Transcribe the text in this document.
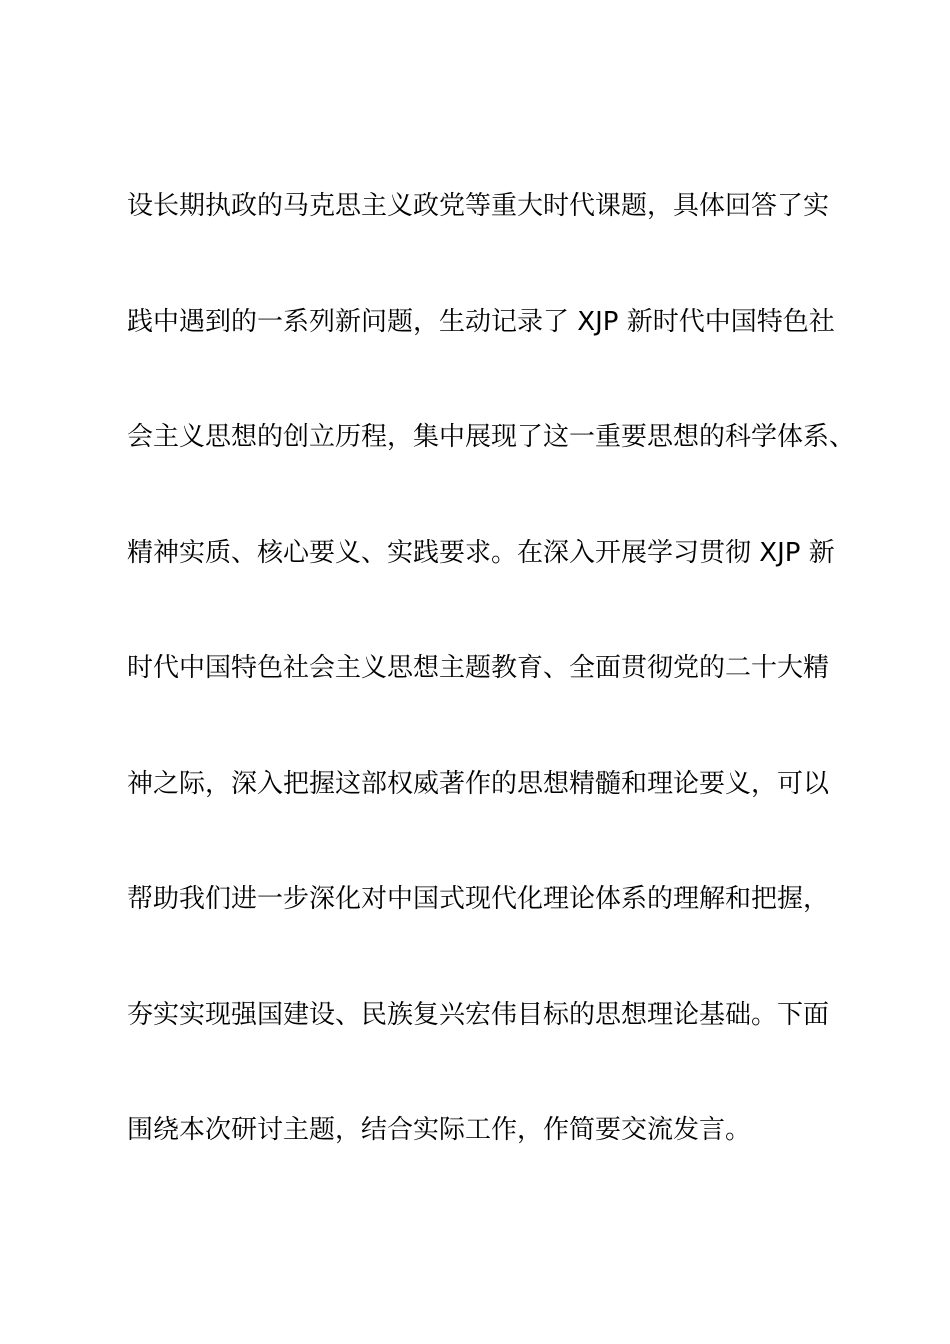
设长期执政的马克思主义政党等重大时代课题，具体回答了实
践中遇到的一系列新问题，生动记录了 XJP 新时代中国特色社
会主义思想的创立历程，集中展现了这一重要思想的科学体系、
精神实质、核心要义、实践要求。在深入开展学习贯彻 XJP 新
时代中国特色社会主义思想主题教育、全面贯彻党的二十大精
神之际，深入把握这部权威著作的思想精髓和理论要义，可以
帮助我们进一步深化对中国式现代化理论体系的理解和把握，
夯实实现强国建设、民族复兴宏伟目标的思想理论基础。下面
围绕本次研讨主题，结合实际工作，作简要交流发言。
